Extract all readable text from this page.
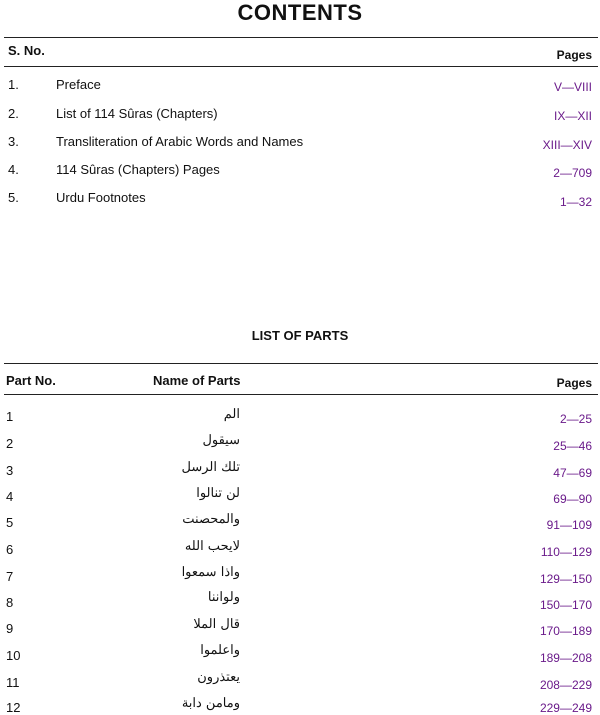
CONTENTS
S. No.	Pages
1.	Preface	V—VIII
2.	List of 114 Sûras (Chapters)	IX—XII
3.	Transliteration of Arabic Words and Names	XIII—XIV
4.	114 Sûras (Chapters) Pages	2—709
5.	Urdu Footnotes	1—32
LIST OF PARTS
Part No.	Name of Parts	Pages
1	الم	2—25
2	سيقول	25—46
3	تلك الرسل	47—69
4	لن تنالوا	69—90
5	والمحصنت	91—109
6	لايحب الله	110—129
7	واذا سمعوا	129—150
8	ولواننا	150—170
9	قال الملا	170—189
10	واعلموا	189—208
11	يعتذرون	208—229
12	ومامن دابة	229—249
